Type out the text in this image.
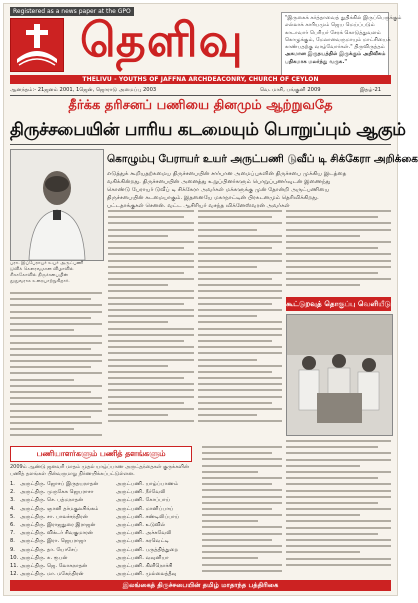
Registered as a news paper at the GPO
தெளிவு	"இருகைக் கர்த்தாவைத் துதிக்கில் இருப்பெருக்கும்
எல்லாக் காரியமும் ஜெய மெய்ப்படும்
காடாவார் பெரியர் சேரக் கொடுத்துவளம்
கொழுக்கும், மேலானவருமாயும் மாட்சியைக்
காண்பதற்கு வாழ்வோர்கள்." திருவிருத்தம்
அகமான இருதயத்தில் இருக்கும் அதிவீசும்
பதிகமாக மலர்ந்து வருக."
THELIVU - YOUTHS OF JAFFNA ARCHDEACONRY, CHURCH OF CEYLON
ஆனந்தம்:- 21ஜனம் 2001, 1ஜென், ஜொராடு அமைப்பு 2003	வெ. மாசி, பங்குனி 2009	இதழ்-21
தீர்க்க தரிசனப் பணியை தினமும் ஆற்றுவதே
திருச்சபையின் பாரிய கடமையும் பொறுப்பும் ஆகும்
பரா. இப்பேராயர் உயர் அருட்பணி
டுவிக் கௌரவமான விழாவில்
சிகாகோவில் திருச்சபையின்
தூதுவராக உரையாற்றுகிறார்.
கொழும்பு பேராயர் உயர் அருட்பணி டுவீப் டி சிக்கேரா அறிக்கை
எடுத்துக் கூறியதற்கமைய திருச்சபையின் சார்பான அமைப்புகளின் திருச்சபை முக்கிய இடத்தை
வகிக்கின்றது. திருச்சபையின் அனைத்து உறுப்பினர்களும் பொறுப்புணர்வுடன் இணைந்து
கொண்டு பேராயர் டுவீப் டி சிக்கேரா அவர்கள் மக்களுக்கு முன் தோன்றி அருட்பணியை
திருச்சபையின் கடமையாகும். இதனையே மகாநாட்டின் பிரகடனமும் தெரிவிக்கிறது.
பட்டதாக்குகள் செனன். வட்ட ஆசிரியர் வசந்த விக்னேஸ்வரன் அவர்கள்
கூட்டுறவுத் தொகுப்பு வெளியீடு
பணியாளர்களும் பணித் தளங்களும்
2009ம் ஆண்டு ஜனவரி மாதம் முதல் யாழ்ப்பாண அருட்தந்தைகள் குருக்களின்
பணித் தளங்கள் பின்வருமாறு நிர்ணயிக்கப்பட்டுள்ளன.
1. அருட்திரு. ஜோசப் இருதயநாதன்	அருட்பணி. யாழ்ப்பாணம்
2. அருட்திரு. முருகேசு ஜெயராசா	அருட்பணி. நீர்வேலி
3. அருட்திரு. செ. பத்மநாதன்	அருட்பணி. கோப்பாய்
4. அருட்திரு. ஞானி தர்மகுலசிங்கம்	அருட்பணி. மானிப்பாய்
5. அருட்திரு. சா. பாலச்சந்திரன்	அருட்பணி. சண்டிலிப்பாய்
6. அருட்திரு. இராஜதுரை இராஜன்	அருட்பணி. உடுவில்
7. அருட்திரு. விக்டர் சிவகுமாரன்	அருட்பணி. அச்சுவேலி
8. அருட்திரு. இரா. ஜெயராஜா	அருட்பணி. கரவெட்டி
9. அருட்திரு. தா. யோசேப்	அருட்பணி. பருத்தித்துறை
10. அருட்திரு. சு. ரூபன்	அருட்பணி. வவுனியா
11. அருட்திரு. ஜெ. லோகநாதன்	அருட்பணி. கிளிநொச்சி
12. அருட்திரு. மா. மகேந்திரன்	அருட்பணி. முல்லைத்தீவு
இலங்கைத் திருச்சபையின் தமிழ் மாதாந்த பத்திரிகை
